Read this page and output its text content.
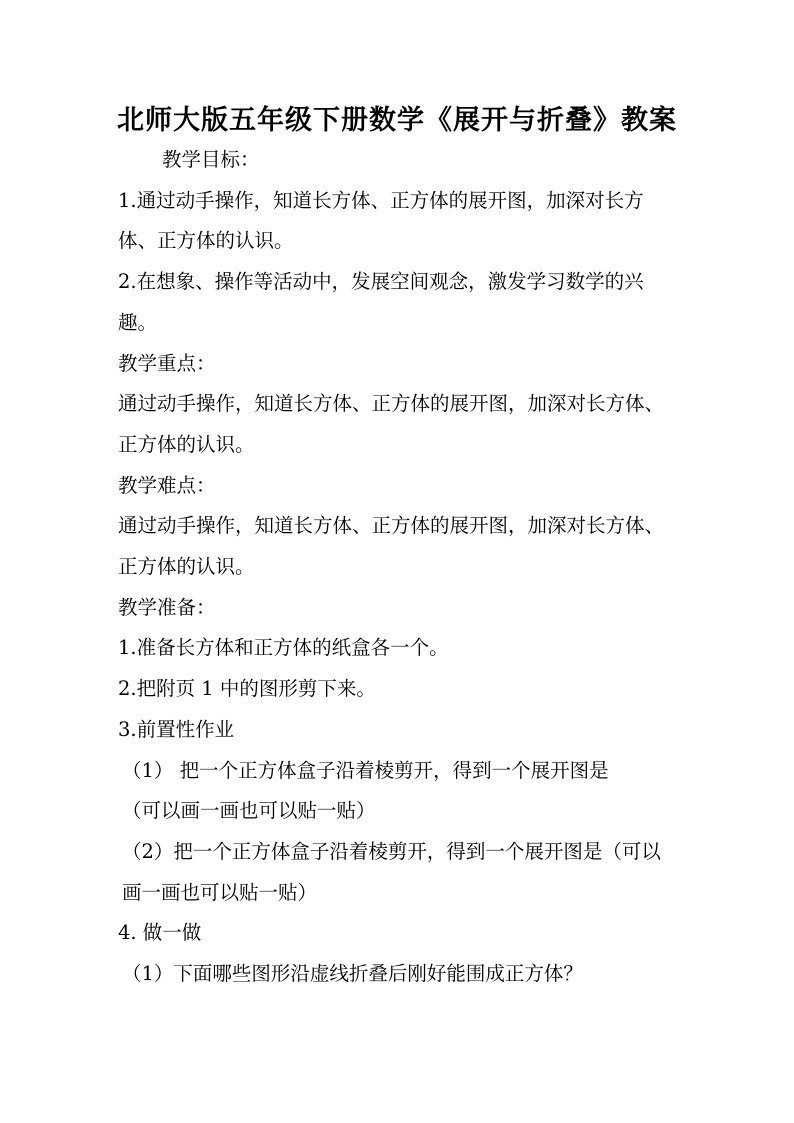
北师大版五年级下册数学《展开与折叠》教案

教学目标：

1.通过动手操作，知道长方体、正方体的展开图，加深对长方体、正方体的认识。

2.在想象、操作等活动中，发展空间观念，激发学习数学的兴趣。

教学重点：

通过动手操作，知道长方体、正方体的展开图，加深对长方体、正方体的认识。

教学难点：

通过动手操作，知道长方体、正方体的展开图，加深对长方体、正方体的认识。

教学准备：

1.准备长方体和正方体的纸盒各一个。

2.把附页 1 中的图形剪下来。

3.前置性作业

（1） 把一个正方体盒子沿着棱剪开，得到一个展开图是

（可以画一画也可以贴一贴）

（2）把一个正方体盒子沿着棱剪开，得到一个展开图是（可以画一画也可以贴一贴）

4. 做一做

（1）下面哪些图形沿虚线折叠后刚好能围成正方体？
